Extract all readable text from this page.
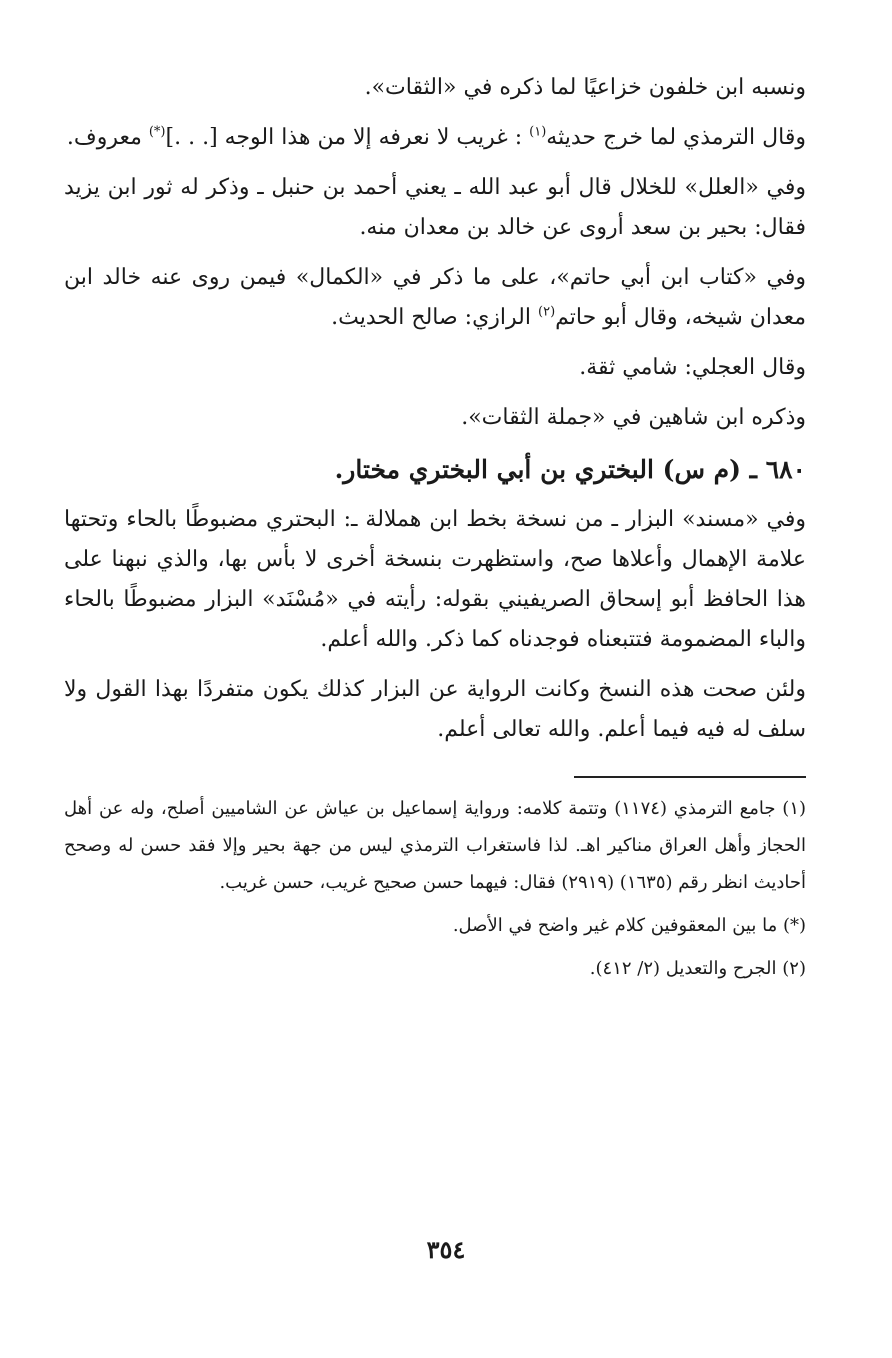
ونسبه ابن خلفون خزاعيًا لما ذكره في «الثقات».

وقال الترمذي لما خرج حديثه$^{(١)}$ : غريب لا نعرفه إلا من هذا الوجه [. . .](*) معروف.

وفي «العلل» للخلال قال أبو عبد الله ـ يعني أحمد بن حنبل ـ وذكر له ثور ابن يزيد فقال: بحير بن سعد أروى عن خالد بن معدان منه.

وفي «كتاب ابن أبي حاتم»، على ما ذكر في «الكمال» فيمن روى عنه خالد ابن معدان شيخه، وقال أبو حاتم$^{(٢)}$ الرازي: صالح الحديث.

وقال العجلي: شامي ثقة.

وذكره ابن شاهين في «جملة الثقات».

٦٨٠ ـ (م س) البختري بن أبي البختري مختار.

وفي «مسند» البزار ـ من نسخة بخط ابن هملالة ـ: البحتري مضبوطًا بالحاء وتحتها علامة الإهمال وأعلاها صح، واستظهرت بنسخة أخرى لا بأس بها، والذي نبهنا على هذا الحافظ أبو إسحاق الصريفيني بقوله: رأيته في «مُسْنَد» البزار مضبوطًا بالحاء والباء المضمومة فتتبعناه فوجدناه كما ذكر. والله أعلم.

ولئن صحت هذه النسخ وكانت الرواية عن البزار كذلك يكون متفردًا بهذا القول ولا سلف له فيه فيما أعلم. والله تعالى أعلم.

(١) جامع الترمذي (١١٧٤) وتتمة كلامه: ورواية إسماعيل بن عياش عن الشاميين أصلح، وله عن أهل الحجاز وأهل العراق مناكير اهـ. لذا فاستغراب الترمذي ليس من جهة بحير وإلا فقد حسن له وصحح أحاديث انظر رقم (١٦٣٥) (٢٩١٩) فقال: فيهما حسن صحيح غريب، حسن غريب.
(*) ما بين المعقوفين كلام غير واضح في الأصل.
(٢) الجرح والتعديل (٢/ ٤١٢).
٣٥٤
